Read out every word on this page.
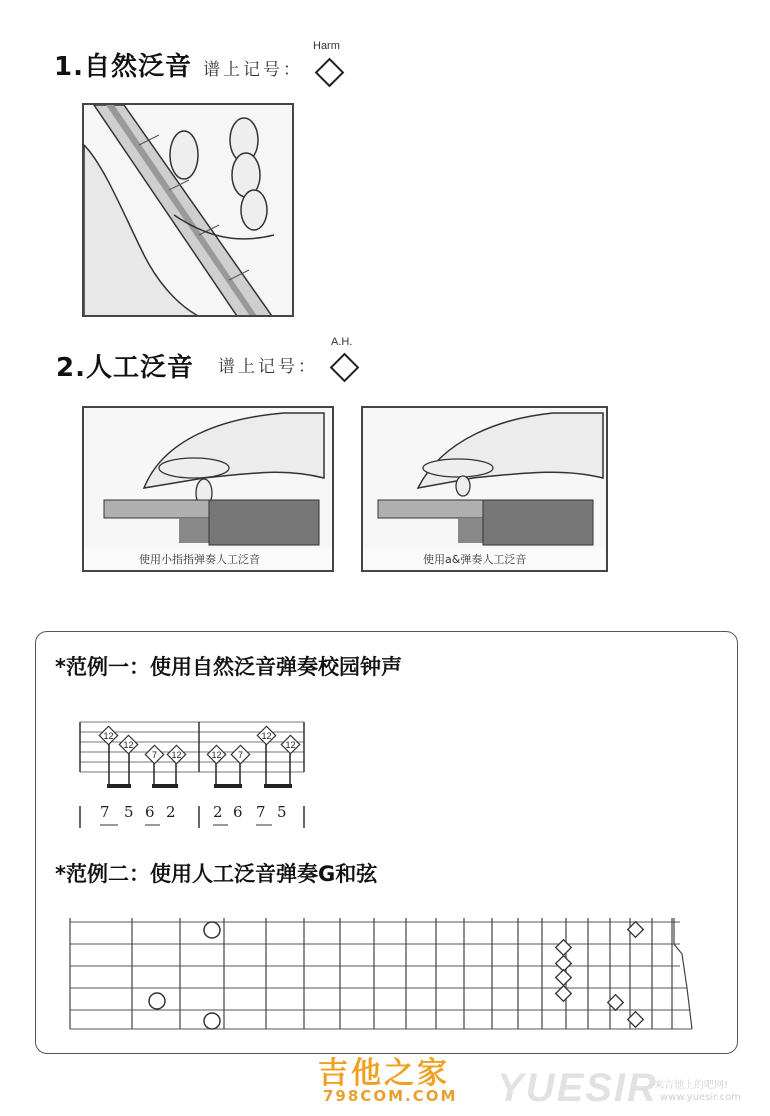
1.自然泛音 谱上记号：
Harm
2.人工泛音 谱上记号：
A.H.
使用小指指弹奏人工泛音	使用a&弹奏人工泛音
*范例一：使用自然泛音弹奏校园钟声
12
12
7 12	12 7
12
12
7 5 6 2 2 6 7 5
*范例二：使用人工泛音弹奏G和弦
吉他之家
798COM.COM YUESIR
来吉他上的吧网!
www.yuesir.com
